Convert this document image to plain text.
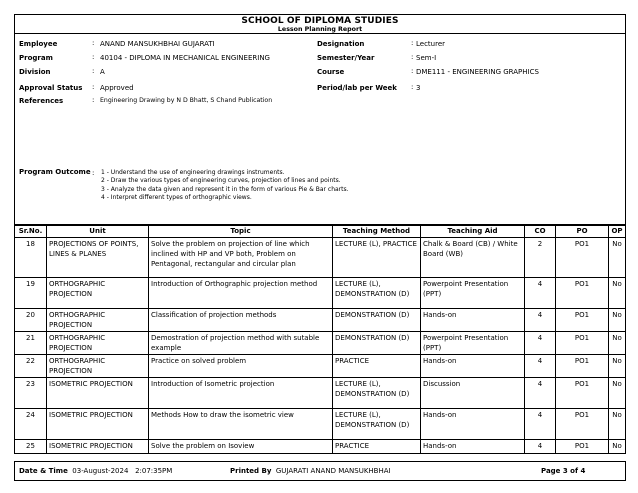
SCHOOL OF DIPLOMA STUDIES
Lesson Planning Report
Employee	: ANAND MANSUKHBHAI GUJARATI
Program	: 40104 - DIPLOMA IN MECHANICAL ENGINEERING
Division	: A
Approval Status : Approved
References	: Engineering Drawing by N D Bhatt, S Chand Publication
Designation	: Lecturer
Semester/Year	: Sem-I
Course	: DME111 - ENGINEERING GRAPHICS
Period/lab per Week : 3
Program Outcome : 1 - Understand the use of engineering drawings instruments.
2 - Draw the various types of engineering curves, projection of lines and points.
3 - Analyze the data given and represent it in the form of various Pie & Bar charts.
4 - Interpret different types of orthographic views.
Sr.No.	Unit	Topic	Teaching Method	Teaching Aid	CO	PO	OP
18	PROJECTIONS OF POINTS, LINES & PLANES	Solve the problem on projection of line which inclined with HP and VP both, Problem on Pentagonal, rectangular and circular plan	LECTURE (L), PRACTICE	Chalk & Board (CB) / White Board (WB)	2	PO1	No
19	ORTHOGRAPHIC PROJECTION	Introduction of Orthographic projection method	LECTURE (L), DEMONSTRATION (D)	Powerpoint Presentation (PPT)	4	PO1	No
20	ORTHOGRAPHIC PROJECTION	Classification of projection methods	DEMONSTRATION (D)	Hands-on	4	PO1	No
21	ORTHOGRAPHIC PROJECTION	Demostration of projection method with sutable example	DEMONSTRATION (D)	Powerpoint Presentation (PPT)	4	PO1	No
22	ORTHOGRAPHIC PROJECTION	Practice on solved problem	PRACTICE	Hands-on	4	PO1	No
23	ISOMETRIC PROJECTION	Introduction of Isometric projection	LECTURE (L), DEMONSTRATION (D)	Discussion	4	PO1	No
24	ISOMETRIC PROJECTION	Methods How to draw the isometric view	LECTURE (L), DEMONSTRATION (D)	Hands-on	4	PO1	No
25	ISOMETRIC PROJECTION	Solve the problem on Isoview	PRACTICE	Hands-on	4	PO1	No
Date & Time 03-August-2024   2:07:35PM	Printed By GUJARATI ANAND MANSUKHBHAI	Page 3 of 4
